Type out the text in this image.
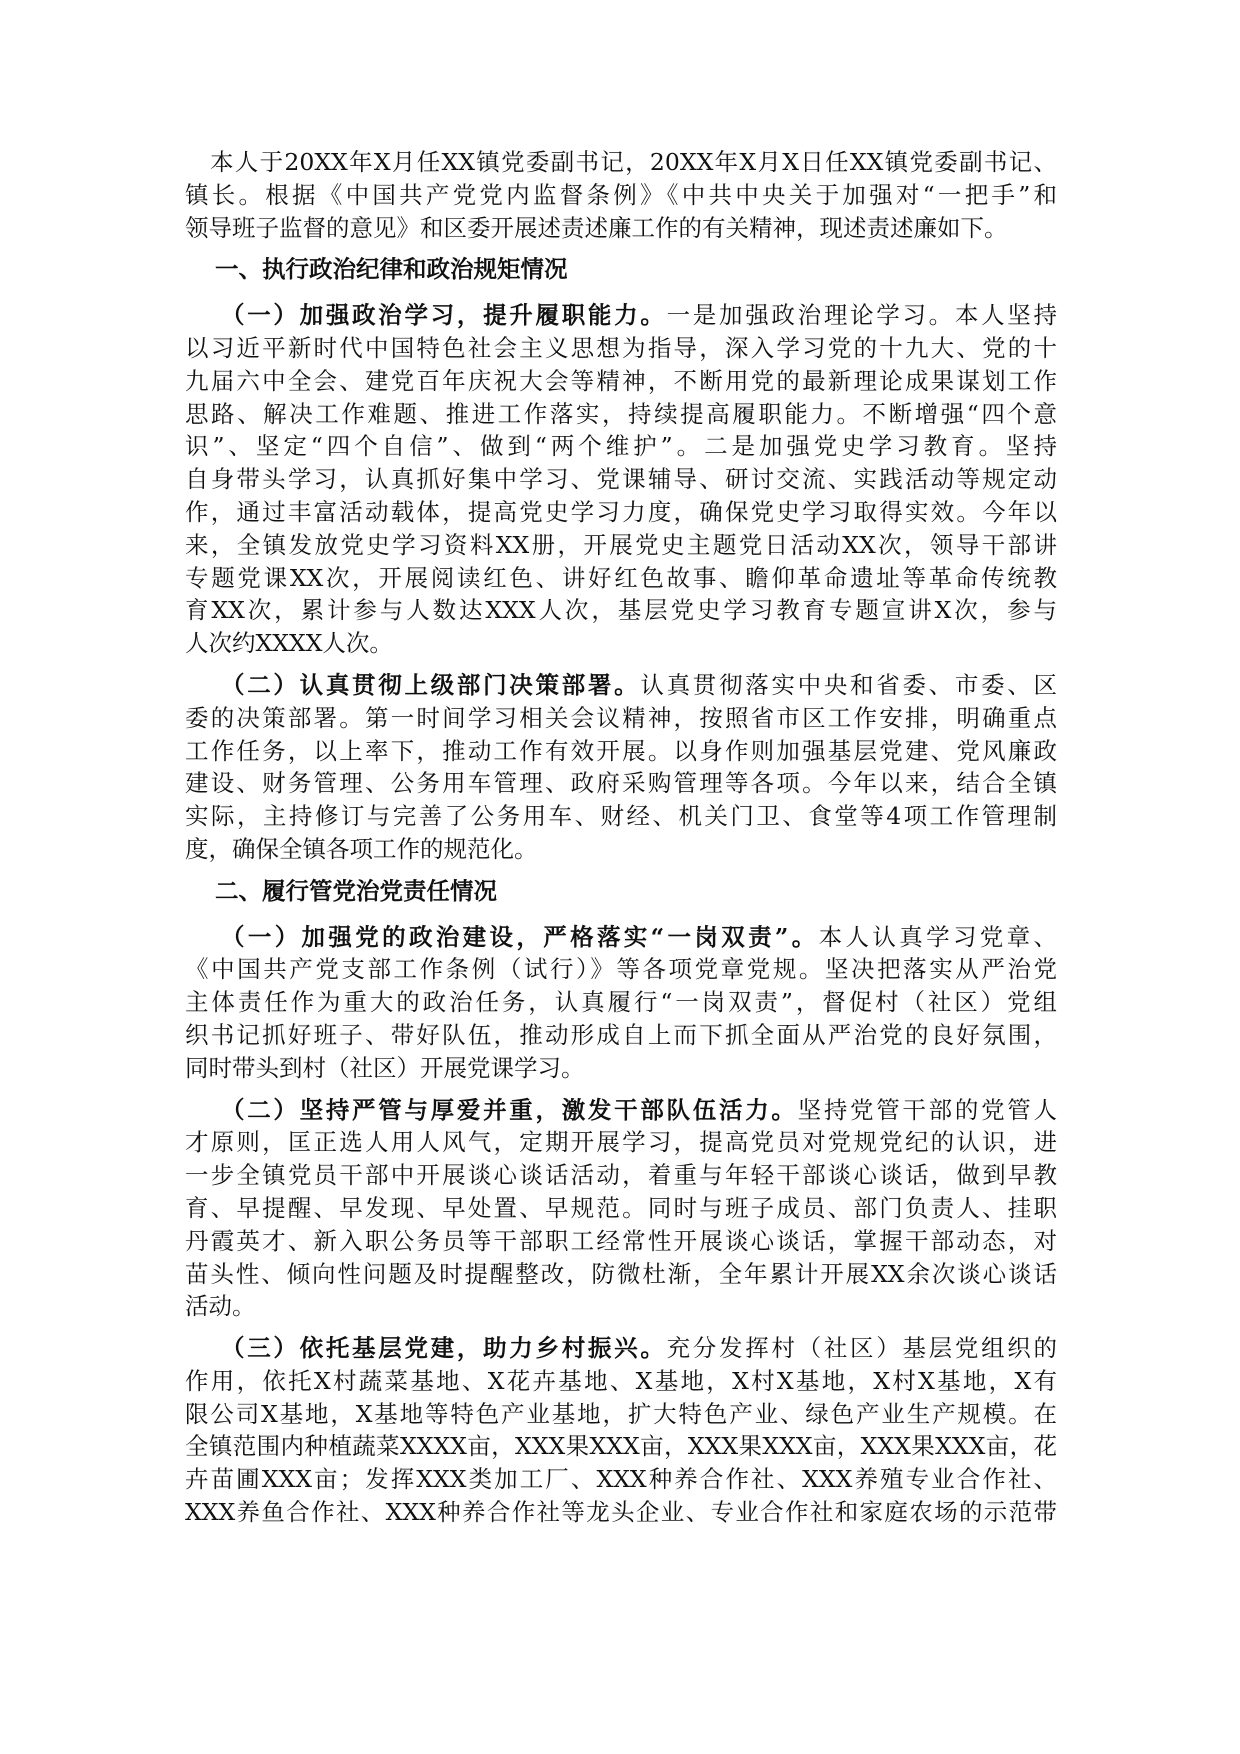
本人于20XX年X月任XX镇党委副书记，20XX年X月X日任XX镇党委副书记、
镇长。根据《中国共产党党内监督条例》《中共中央关于加强对“一把手”和
领导班子监督的意见》和区委开展述责述廉工作的有关精神，现述责述廉如下。
一、执行政治纪律和政治规矩情况
（一）加强政治学习，提升履职能力。一是加强政治理论学习。本人坚持
以习近平新时代中国特色社会主义思想为指导，深入学习党的十九大、党的十
九届六中全会、建党百年庆祝大会等精神，不断用党的最新理论成果谋划工作
思路、解决工作难题、推进工作落实，持续提高履职能力。不断增强“四个意
识”、坚定“四个自信”、做到“两个维护”。二是加强党史学习教育。坚持
自身带头学习，认真抓好集中学习、党课辅导、研讨交流、实践活动等规定动
作，通过丰富活动载体，提高党史学习力度，确保党史学习取得实效。今年以
来，全镇发放党史学习资料XX册，开展党史主题党日活动XX次，领导干部讲
专题党课XX次，开展阅读红色、讲好红色故事、瞻仰革命遗址等革命传统教
育XX次，累计参与人数达XXX人次，基层党史学习教育专题宣讲X次，参与
人次约XXXX人次。
（二）认真贯彻上级部门决策部署。认真贯彻落实中央和省委、市委、区
委的决策部署。第一时间学习相关会议精神，按照省市区工作安排，明确重点
工作任务，以上率下，推动工作有效开展。以身作则加强基层党建、党风廉政
建设、财务管理、公务用车管理、政府采购管理等各项。今年以来，结合全镇
实际，主持修订与完善了公务用车、财经、机关门卫、食堂等4项工作管理制
度，确保全镇各项工作的规范化。
二、履行管党治党责任情况
（一）加强党的政治建设，严格落实“一岗双责”。本人认真学习党章、
《中国共产党支部工作条例（试行）》等各项党章党规。坚决把落实从严治党
主体责任作为重大的政治任务，认真履行“一岗双责”，督促村（社区）党组
织书记抓好班子、带好队伍，推动形成自上而下抓全面从严治党的良好氛围，
同时带头到村（社区）开展党课学习。
（二）坚持严管与厚爱并重，激发干部队伍活力。坚持党管干部的党管人
才原则，匡正选人用人风气，定期开展学习，提高党员对党规党纪的认识，进
一步全镇党员干部中开展谈心谈话活动，着重与年轻干部谈心谈话，做到早教
育、早提醒、早发现、早处置、早规范。同时与班子成员、部门负责人、挂职
丹霞英才、新入职公务员等干部职工经常性开展谈心谈话，掌握干部动态，对
苗头性、倾向性问题及时提醒整改，防微杜渐，全年累计开展XX余次谈心谈话
活动。
（三）依托基层党建，助力乡村振兴。充分发挥村（社区）基层党组织的
作用，依托X村蔬菜基地、X花卉基地、X基地，X村X基地，X村X基地，X有
限公司X基地，X基地等特色产业基地，扩大特色产业、绿色产业生产规模。在
全镇范围内种植蔬菜XXXX亩，XXX果XXX亩，XXX果XXX亩，XXX果XXX亩，花
卉苗圃XXX亩；发挥XXX类加工厂、XXX种养合作社、XXX养殖专业合作社、
XXX养鱼合作社、XXX种养合作社等龙头企业、专业合作社和家庭农场的示范带
